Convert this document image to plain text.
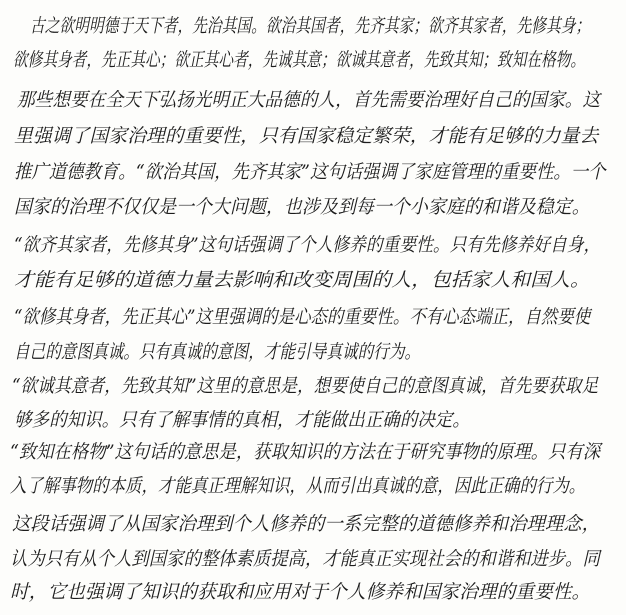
古之欲明明德于天下者，先治其国。欲治其国者，先齐其家；欲齐其家者，先修其身；
欲修其身者，先正其心；欲正其心者，先诚其意；欲诚其意者，先致其知；致知在格物。
那些想要在全天下弘扬光明正大品德的人，首先需要治理好自己的国家。这
里强调了国家治理的重要性，只有国家稳定繁荣，才能有足够的力量去
推广道德教育。“欲治其国，先齐其家”这句话强调了家庭管理的重要性。一个
国家的治理不仅仅是一个大问题，也涉及到每一个小家庭的和谐及稳定。
“欲齐其家者，先修其身”这句话强调了个人修养的重要性。只有先修养好自身，
才能有足够的道德力量去影响和改变周围的人，包括家人和国人。
“欲修其身者，先正其心”这里强调的是心态的重要性。不有心态端正，自然要使
自己的意图真诚。只有真诚的意图，才能引导真诚的行为。
“欲诚其意者，先致其知”这里的意思是，想要使自己的意图真诚，首先要获取足
够多的知识。只有了解事情的真相，才能做出正确的决定。
“致知在格物”这句话的意思是，获取知识的方法在于研究事物的原理。只有深
入了解事物的本质，才能真正理解知识，从而引出真诚的意，因此正确的行为。
这段话强调了从国家治理到个人修养的一系完整的道德修养和治理理念，
认为只有从个人到国家的整体素质提高，才能真正实现社会的和谐和进步。同
时，它也强调了知识的获取和应用对于个人修养和国家治理的重要性。
